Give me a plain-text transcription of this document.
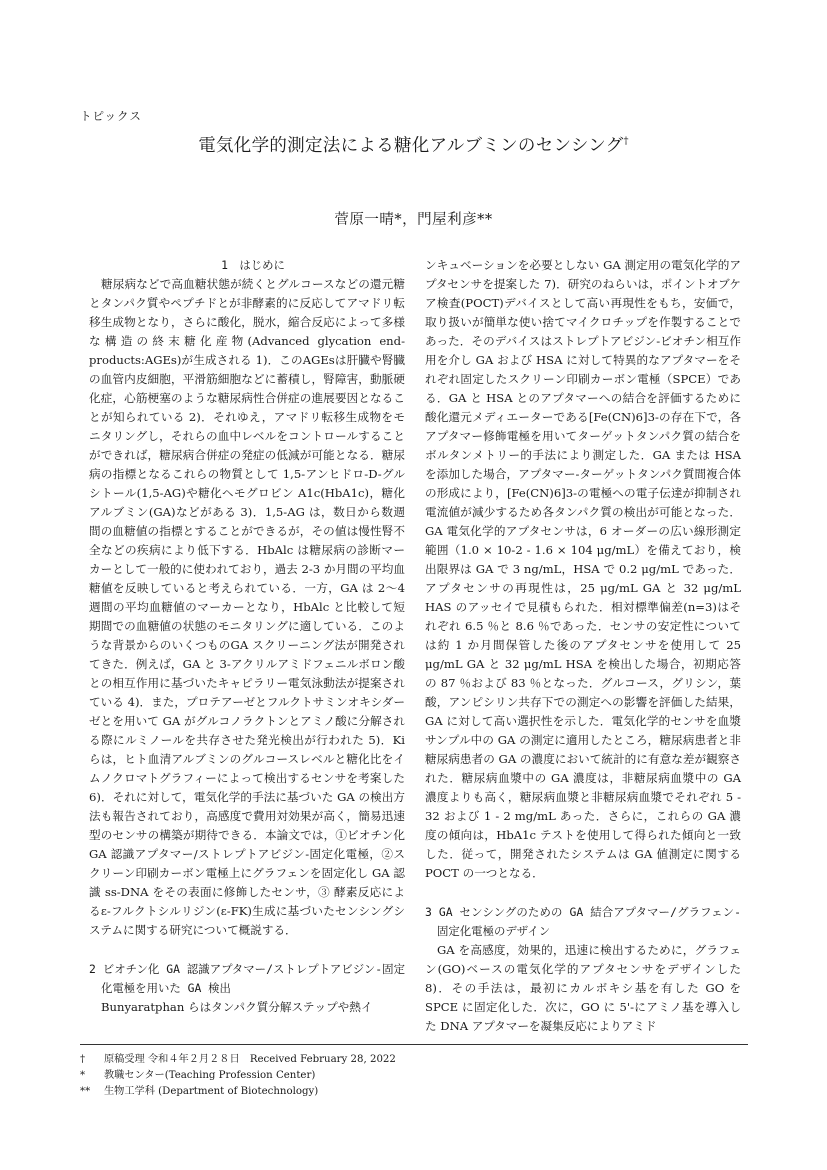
トピックス
電気化学的測定法による糖化アルブミンのセンシング†
菅原一晴*，門屋利彦**

1　はじめに

糖尿病などで高血糖状態が続くとグルコースなどの還元糖とタンパク質やペプチドとが非酵素的に反応してアマドリ転移生成物となり，さらに酸化，脱水，縮合反応によって多様な構造の終末糖化産物(Advanced glycation end-products:AGEs)が生成される 1)．このAGEsは肝臓や腎臓の血管内皮細胞，平滑筋細胞などに蓄積し，腎障害，動脈硬化症，心筋梗塞のような糖尿病性合併症の進展要因となることが知られている 2)．それゆえ，アマドリ転移生成物をモニタリングし，それらの血中レベルをコントロールすることができれば，糖尿病合併症の発症の低減が可能となる．糖尿病の指標となるこれらの物質として 1,5-アンヒドロ-D-グルシトール(1,5-AG)や糖化ヘモグロビン A1c(HbA1c)，糖化アルブミン(GA)などがある 3)．1,5-AG は，数日から数週間の血糖値の指標とすることができるが，その値は慢性腎不全などの疾病により低下する．HbAlc は糖尿病の診断マーカーとして一般的に使われており，過去 2-3 か月間の平均血糖値を反映していると考えられている．一方，GA は 2～4 週間の平均血糖値のマーカーとなり，HbAlc と比較して短期間での血糖値の状態のモニタリングに適している．このような背景からのいくつものGA スクリーニング法が開発されてきた．例えば，GA と 3-アクリルアミドフェニルボロン酸との相互作用に基づいたキャピラリー電気泳動法が提案されている 4)．また，プロテアーゼとフルクトサミンオキシダーゼとを用いて GA がグルコノラクトンとアミノ酸に分解される際にルミノールを共存させた発光検出が行われた 5)．Ki らは，ヒト血清アルブミンのグルコースレベルと糖化比をイムノクロマトグラフィーによって検出するセンサを考案した 6)．それに対して，電気化学的手法に基づいた GA の検出方法も報告されており，高感度で費用対効果が高く，簡易迅速型のセンサの構築が期待できる．本論文では，①ビオチン化 GA 認識アプタマー/ストレプトアビジン-固定化電極，②スクリーン印刷カーボン電極上にグラフェンを固定化し GA 認識 ss-DNA をその表面に修飾したセンサ，③ 酵素反応によるε-フルクトシルリジン(ε-FK)生成に基づいたセンシングシステムに関する研究について概説する．

2 ビオチン化 GA 認識アプタマー/ストレプトアビジン-固定化電極を用いた GA 検出

Bunyaratphan らはタンパク質分解ステップや熱イ

ンキュベーションを必要としない GA 測定用の電気化学的アプタセンサを提案した 7)．研究のねらいは，ポイントオブケア検査(POCT)デバイスとして高い再現性をもち，安価で，取り扱いが簡単な使い捨てマイクロチップを作製することであった．そのデバイスはストレプトアビジン-ビオチン相互作用を介し GA および HSA に対して特異的なアプタマーをそれぞれ固定したスクリーン印刷カーボン電極（SPCE）である．GA と HSA とのアプタマーへの結合を評価するために酸化還元メディエーターである[Fe(CN)6]3-の存在下で，各アプタマー修飾電極を用いてターゲットタンパク質の結合をボルタンメトリー的手法により測定した．GA または HSA を添加した場合，アプタマー-ターゲットタンパク質間複合体の形成により，[Fe(CN)6]3-の電極への電子伝達が抑制され電流値が減少するため各タンパク質の検出が可能となった．GA 電気化学的アプタセンサは，6 オーダーの広い線形測定範囲（1.0 × 10-2 - 1.6 × 104 μg/mL）を備えており，検出限界は GA で 3 ng/mL，HSA で 0.2 μg/mL であった．アプタセンサの再現性は，25 μg/mL GA と 32 μg/mL HAS のアッセイで見積もられた．相対標準偏差(n=3)はそれぞれ 6.5 ％と 8.6 ％であった．センサの安定性については約 1 か月間保管した後のアプタセンサを使用して 25 μg/mL GA と 32 μg/mL HSA を検出した場合，初期応答の 87 ％および 83 ％となった．グルコース，グリシン，葉酸，アンピシリン共存下での測定への影響を評価した結果，GA に対して高い選択性を示した．電気化学的センサを血漿サンプル中の GA の測定に適用したところ，糖尿病患者と非糖尿病患者の GA の濃度において統計的に有意な差が観察された．糖尿病血漿中の GA 濃度は，非糖尿病血漿中の GA 濃度よりも高く，糖尿病血漿と非糖尿病血漿でそれぞれ 5 - 32 および 1 - 2 mg/mL あった．さらに，これらの GA 濃度の傾向は，HbA1c テストを使用して得られた傾向と一致した．従って，開発されたシステムは GA 値測定に関する POCT の一つとなる．

3 GA センシングのための GA 結合アプタマー/グラフェン-固定化電極のデザイン

GA を高感度，効果的，迅速に検出するために，グラフェン(GO)ベースの電気化学的アプタセンサをデザインした 8)．その手法は，最初にカルボキシ基を有した GO を SPCE に固定化した．次に，GO に 5'-にアミノ基を導入した DNA アプタマーを凝集反応によりアミド

†	原稿受理 令和４年２月２８日　Received February 28, 2022
*	教職センター(Teaching Profession Center)
**	生物工学科 (Department of Biotechnology)
